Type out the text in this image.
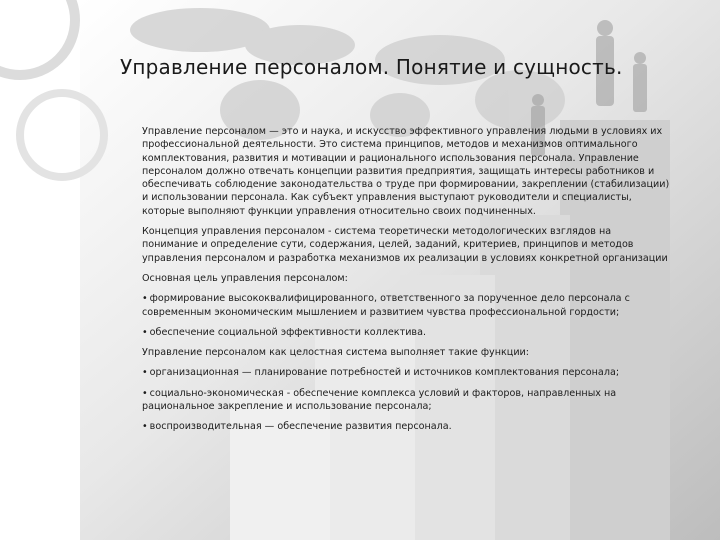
Управление персоналом. Понятие и сущность.

Управление персоналом — это и наука, и искусство эффективного управления людьми в условиях их профессиональной деятельности. Это система принципов, методов и механизмов оптимального комплектования, развития и мотивации и рационального использования персонала. Управление персоналом должно отвечать концепции развития предприятия, защищать интересы работников и обеспечивать соблюдение законодательства о труде при формировании, закреплении (стабилизации) и использовании персонала. Как субъект управления выступают руководители и специалисты, которые выполняют функции управления относительно своих подчиненных.

Концепция управления персоналом - система теоретически методологических взглядов на понимание и определение сути, содержания, целей, заданий, критериев, принципов и методов управления персоналом и разработка механизмов их реализации в условиях конкретной организации

Основная цель управления персоналом:

• формирование высококвалифицированного, ответственного за порученное дело персонала с современным экономическим мышлением и развитием чувства профессиональной гордости;

• обеспечение социальной эффективности коллектива.

Управление персоналом как целостная система выполняет такие функции:

• организационная — планирование потребностей и источников комплектования персонала;

• социально-экономическая - обеспечение комплекса условий и факторов, направленных на рациональное закрепление и использование персонала;

• воспроизводительная — обеспечение развития персонала.
